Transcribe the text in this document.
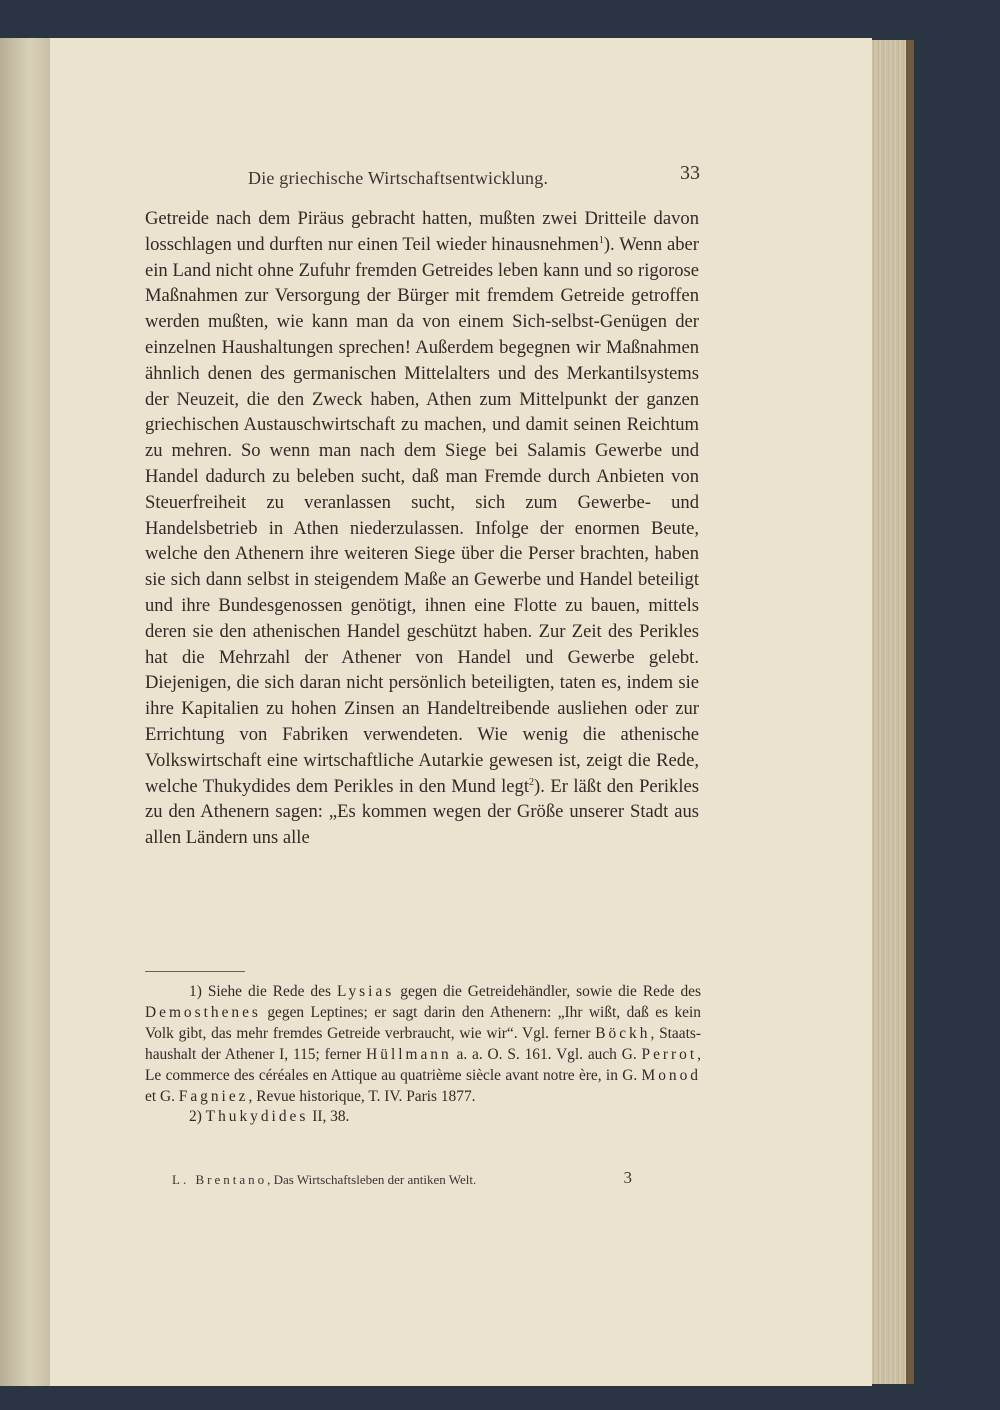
Die griechische Wirtschaftsentwicklung.	33

Getreide nach dem Piräus gebracht hatten, mußten zwei Dritteile davon losschlagen und durften nur einen Teil wieder hinausnehmen$^1$). Wenn aber ein Land nicht ohne Zufuhr fremden Getreides leben kann und so rigorose Maßnahmen zur Versorgung der Bürger mit fremdem Getreide getroffen werden mußten, wie kann man da von einem Sich-selbst-Genügen der einzelnen Haushaltungen sprechen! Außerdem begegnen wir Maßnahmen ähnlich denen des germanischen Mittelalters und des Merkantilsystems der Neuzeit, die den Zweck haben, Athen zum Mittelpunkt der ganzen griechischen Austauschwirtschaft zu machen, und damit seinen Reichtum zu mehren. So wenn man nach dem Siege bei Salamis Gewerbe und Handel dadurch zu beleben sucht, daß man Fremde durch Anbieten von Steuerfreiheit zu veranlassen sucht, sich zum Gewerbe- und Handelsbetrieb in Athen niederzulassen. Infolge der enormen Beute, welche den Athenern ihre weiteren Siege über die Perser brachten, haben sie sich dann selbst in steigendem Maße an Gewerbe und Handel beteiligt und ihre Bundesgenossen genötigt, ihnen eine Flotte zu bauen, mittels deren sie den athenischen Handel geschützt haben. Zur Zeit des Perikles hat die Mehrzahl der Athener von Handel und Gewerbe gelebt. Diejenigen, die sich daran nicht persönlich beteiligten, taten es, indem sie ihre Kapitalien zu hohen Zinsen an Handeltreibende ausliehen oder zur Errichtung von Fabriken verwendeten. Wie wenig die athenische Volkswirtschaft eine wirtschaftliche Autarkie gewesen ist, zeigt die Rede, welche Thukydides dem Perikles in den Mund legt$^2$). Er läßt den Perikles zu den Athenern sagen: „Es kommen wegen der Größe unserer Stadt aus allen Ländern uns alle

1) Siehe die Rede des Lysias gegen die Getreidehändler, sowie die Rede des Demosthenes gegen Leptines; er sagt darin den Athenern: „Ihr wißt, daß es kein Volk gibt, das mehr fremdes Getreide verbraucht, wie wir“. Vgl. ferner Böckh, Staatshaushalt der Athener I, 115; ferner Hüllmann a. a. O. S. 161. Vgl. auch G. Perrot, Le commerce des céréales en Attique au quatrième siècle avant notre ère, in G. Monod et G. Fagniez, Revue historique, T. IV. Paris 1877.

2) Thukydides II, 38.

L. Brentano, Das Wirtschaftsleben der antiken Welt.	3
